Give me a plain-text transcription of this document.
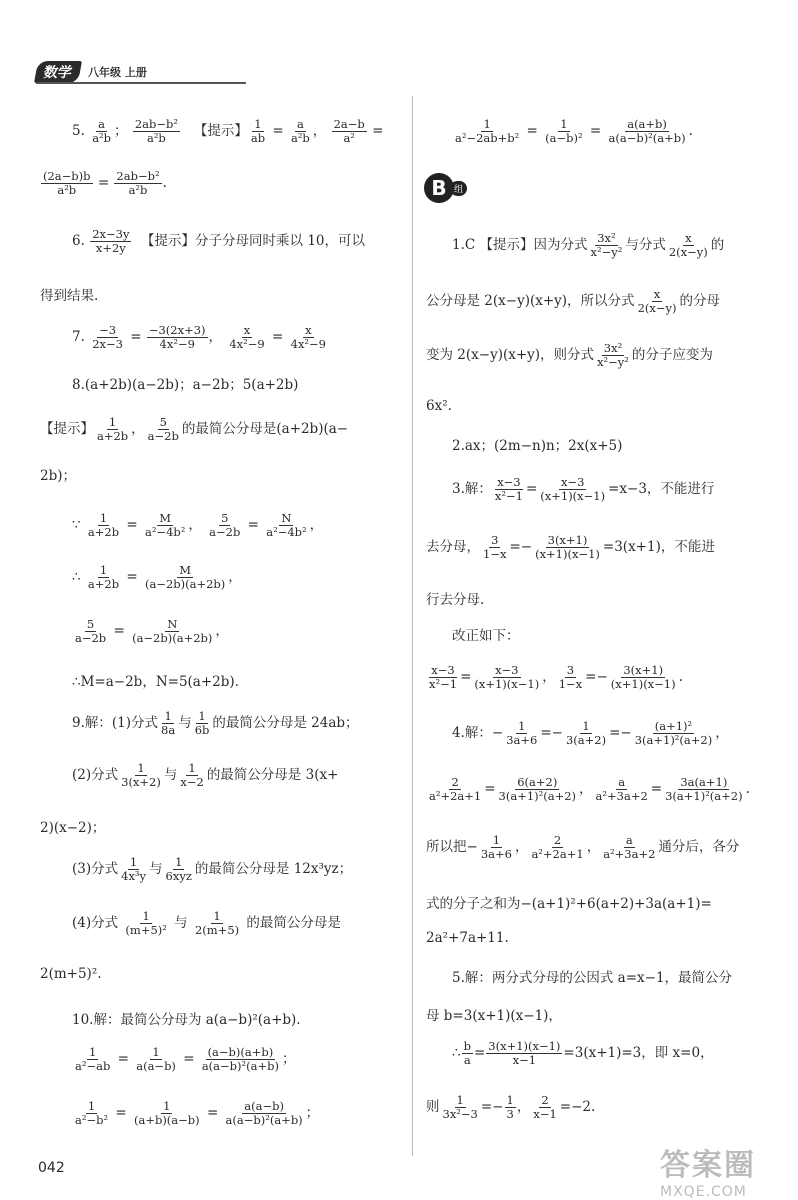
数学	八年级 上册
5. $\frac{a}{\text{a²b}}$ ； $\frac{\text{2ab−b²}}{\text{a²b}}$ 【提示】 $\frac{1}{ab} = \frac{a}{\text{a²b}}$ ， $\frac{2a-b}{\text{a²}}$ =
$\frac{(2a-b)b}{\text{a²b}} = \frac{\text{2ab−b²}}{\text{a²b}}$ .
6. $\frac{2x-3y}{x+2y}$ 【提示】分子分母同时乘以 10，可以
得到结果.
7. $\frac{-3}{2x-3} = \frac{-3(2x+3)}{\text{4x²−9}}$ ， $\frac{x}{\text{4x²−9}} = \frac{x}{\text{4x²−9}}$
8.(a+2b)(a−2b)；a−2b；5(a+2b)
【提示】 $\frac{1}{a+2b}$ ， $\frac{5}{a-2b}$ 的最简公分母是(a+2b)(a−
2b)；
∵ $\frac{1}{a+2b} = \frac{M}{\text{a²−4b²}}$ ， $\frac{5}{a-2b} = \frac{N}{\text{a²−4b²}}$ ，
∴ $\frac{1}{a+2b} = \frac{M}{(a-2b)(a+2b)}$ ，
$\frac{5}{a-2b} = \frac{N}{(a-2b)(a+2b)}$ ，
∴M=a−2b，N=5(a+2b).
9.解：(1)分式 $\frac{1}{8a}$ 与 $\frac{1}{6b}$ 的最简公分母是 24ab；
(2)分式 $\frac{1}{3(x+2)}$ 与 $\frac{1}{x-2}$ 的最简公分母是 3(x+
2)(x−2)；
(3)分式 $\frac{1}{\text{4x³y}}$ 与 $\frac{1}{\text{6xyz}}$ 的最简公分母是 12x³yz；
(4)分式 $\frac{1}{\text{(m+5)²}}$ 与 $\frac{1}{2(m+5)}$ 的最简公分母是
2(m+5)².
10.解：最简公分母为 a(a−b)²(a+b).
$\frac{1}{\text{a²−ab}} = \frac{1}{a(a-b)} = \frac{(a-b)(a+b)}{\text{a(a−b)²(a+b)}}$ ；
$\frac{1}{\text{a²−b²}} = \frac{1}{(a+b)(a-b)} = \frac{a(a-b)}{\text{a(a−b)²(a+b)}}$ ；
$\frac{1}{\text{a²−2ab+b²}} = \frac{1}{\text{(a−b)²}} = \frac{a(a+b)}{\text{a(a−b)²(a+b)}}$ .
B 组
1.C 【提示】因为分式 $\frac{\text{3x²}}{\text{x²−y²}}$ 与分式 $\frac{x}{2(x-y)}$ 的
公分母是 2(x−y)(x+y)，所以分式 $\frac{x}{2(x-y)}$ 的分母
变为 2(x−y)(x+y)，则分式 $\frac{\text{3x²}}{\text{x²−y²}}$ 的分子应变为
6x².
2.ax；(2m−n)n；2x(x+5)
3.解： $\frac{x-3}{\text{x²−1}} = \frac{x-3}{(x+1)(x-1)} =x-3$，不能进行
去分母， $\frac{3}{1-x} =- \frac{3(x+1)}{(x+1)(x-1)} =3(x+1)$，不能进
行去分母.
改正如下：
$\frac{x-3}{\text{x²−1}} = \frac{x-3}{(x+1)(x-1)}$ ， $\frac{3}{1-x} =- \frac{3(x+1)}{(x+1)(x-1)}$ .
4.解：− $\frac{1}{3a+6} =- \frac{1}{3(a+2)} =- \frac{\text{(a+1)²}}{\text{3(a+1)²(a+2)}}$ ，
$\frac{2}{\text{a²+2a+1}} = \frac{6(a+2)}{\text{3(a+1)²(a+2)}}$ ， $\frac{a}{\text{a²+3a+2}} = \frac{3a(a+1)}{\text{3(a+1)²(a+2)}}$ .
所以把− $\frac{1}{3a+6}$ ， $\frac{2}{\text{a²+2a+1}}$ ， $\frac{a}{\text{a²+3a+2}}$ 通分后，各分
式的分子之和为−(a+1)²+6(a+2)+3a(a+1)=
2a²+7a+11.
5.解：两分式分母的公因式 a=x−1，最简公分
母 b=3(x+1)(x−1)，
∴ $\frac{b}{a} = \frac{3(x+1)(x-1)}{x-1} =3(x+1)=3$，即 x=0，
则 $\frac{1}{\text{3x²−3}} =- \frac{1}{3}$ ， $\frac{2}{x-1} =-2$.
042	答案圈
MXQE.COM
